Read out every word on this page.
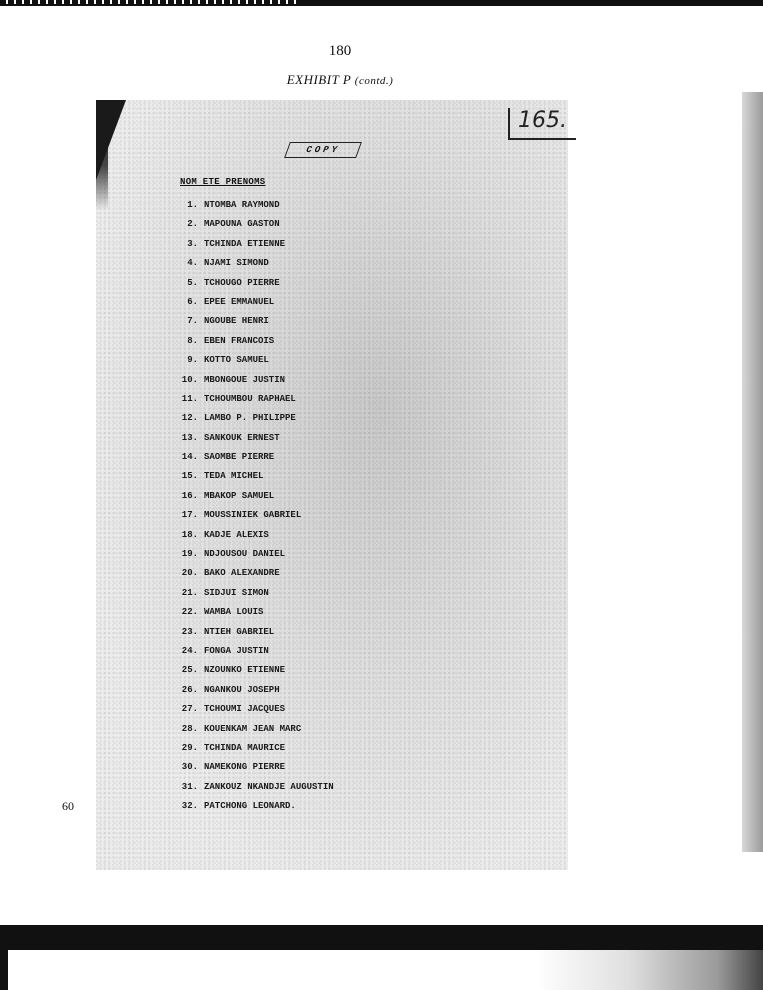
180
EXHIBIT P (contd.)
165.
COPY
NOM ETE PRENOMS
1. NTOMBA RAYMOND
2. MAPOUNA GASTON
3. TCHINDA ETIENNE
4. NJAMI SIMOND
5. TCHOUGO PIERRE
6. EPEE EMMANUEL
7. NGOUBE HENRI
8. EBEN FRANCOIS
9. KOTTO SAMUEL
10. MBONGOUE JUSTIN
11. TCHOUMBOU RAPHAEL
12. LAMBO P. PHILIPPE
13. SANKOUK ERNEST
14. SAOMBE PIERRE
15. TEDA MICHEL
16. MBAKOP SAMUEL
17. MOUSSINIEK GABRIEL
18. KADJE ALEXIS
19. NDJOUSOU DANIEL
20. BAKO ALEXANDRE
21. SIDJUI SIMON
22. WAMBA LOUIS
23. NTIEH GABRIEL
24. FONGA JUSTIN
25. NZOUNKO ETIENNE
26. NGANKOU JOSEPH
27. TCHOUMI JACQUES
28. KOUENKAM JEAN MARC
29. TCHINDA MAURICE
30. NAMEKONG PIERRE
31. ZANKOUZ NKANDJE AUGUSTIN
32. PATCHONG LEONARD.
60
